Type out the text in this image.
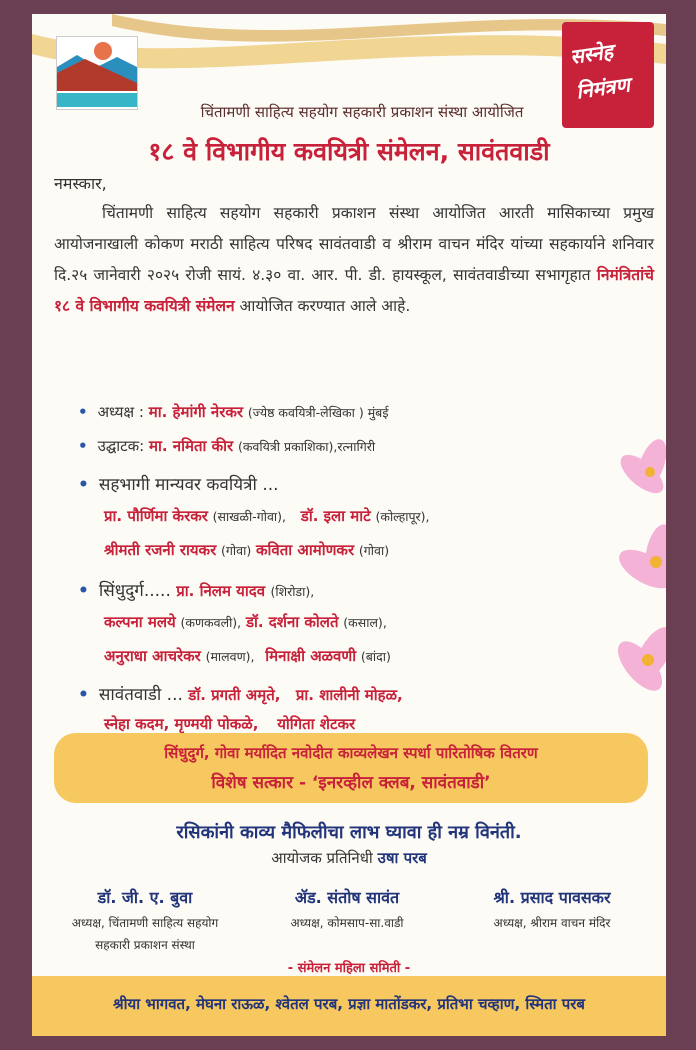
सस्नेह
निमंत्रण
चिंतामणी साहित्य सहयोग सहकारी प्रकाशन संस्था आयोजित
१८ वे विभागीय कवयित्री संमेलन, सावंतवाडी
नमस्कार,
चिंतामणी साहित्य सहयोग सहकारी प्रकाशन संस्था आयोजित आरती मासिकाच्या प्रमुख आयोजनाखाली कोकण मराठी साहित्य परिषद सावंतवाडी व श्रीराम वाचन मंदिर यांच्या सहकार्याने शनिवार दि.२५ जानेवारी २०२५ रोजी सायं. ४.३० वा. आर. पी. डी. हायस्कूल, सावंतवाडीच्या सभागृहात निमंत्रितांचे १८ वे विभागीय कवयित्री संमेलन आयोजित करण्यात आले आहे.
• अध्यक्ष : मा. हेमांगी नेरकर (ज्येष्ठ कवयित्री-लेखिका ) मुंबई
• उद्घाटक: मा. नमिता कीर (कवयित्री प्रकाशिका),रत्नागिरी
• सहभागी मान्यवर कवयित्री ...
प्रा. पौर्णिमा केरकर (साखळी-गोवा), डॉ. इला माटे (कोल्हापूर),
श्रीमती रजनी रायकर (गोवा) कविता आमोणकर (गोवा)
• सिंधुदुर्ग..... प्रा. निलम यादव (शिरोडा),
कल्पना मलये (कणकवली), डॉ. दर्शना कोलते (कसाल),
अनुराधा आचरेकर (मालवण), मिनाक्षी अळवणी (बांदा)
• सावंतवाडी ... डॉ. प्रगती अमृते, प्रा. शालीनी मोहळ,
स्नेहा कदम, मृण्मयी पोकळे, योगिता शेटकर
सिंधुदुर्ग, गोवा मर्यादित नवोदीत काव्यलेखन स्पर्धा पारितोषिक वितरण
विशेष सत्कार - ‘इनरव्हील क्लब, सावंतवाडी’
रसिकांनी काव्य मैफिलीचा लाभ घ्यावा ही नम्र विनंती.
आयोजक प्रतिनिधी उषा परब
डॉ. जी. ए. बुवा
अध्यक्ष, चिंतामणी साहित्य सहयोग
सहकारी प्रकाशन संस्था
ॲड. संतोष सावंत
अध्यक्ष, कोमसाप-सा.वाडी
श्री. प्रसाद पावसकर
अध्यक्ष, श्रीराम वाचन मंदिर
- संमेलन महिला समिती -
श्रीया भागवत, मेघना राऊळ, श्वेतल परब, प्रज्ञा मातोंडकर, प्रतिभा चव्हाण, स्मिता परब
